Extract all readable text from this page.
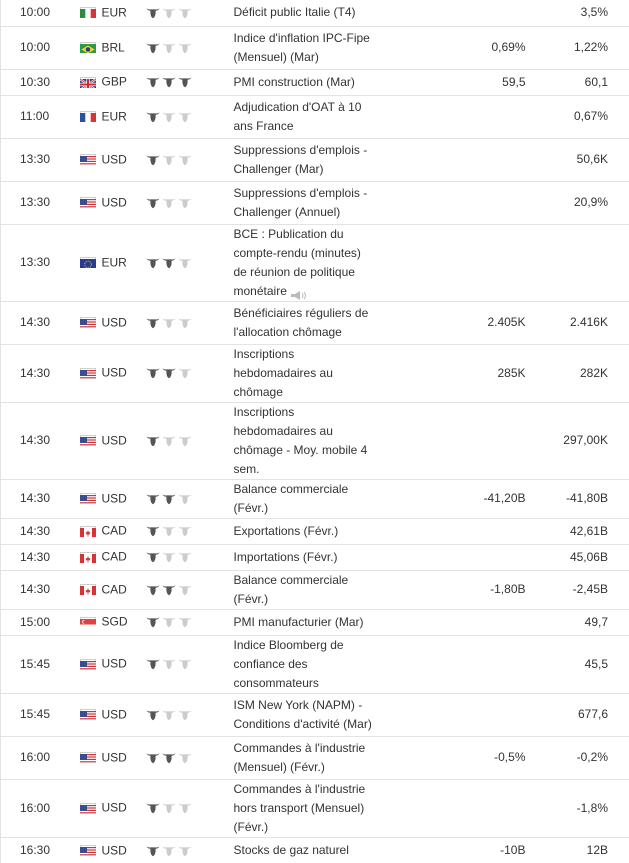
10:00	EUR		Déficit public Italie (T4)		3,5%
10:00	BRL		Indice d'inflation IPC-Fipe (Mensuel) (Mar)	0,69%	1,22%
10:30	GBP		PMI construction (Mar)	59,5	60,1
11:00	EUR		Adjudication d'OAT à 10 ans France		0,67%
13:30	USD		Suppressions d'emplois - Challenger (Mar)		50,6K
13:30	USD		Suppressions d'emplois - Challenger (Annuel)		20,9%
13:30	EUR		BCE : Publication du compte-rendu (minutes) de réunion de politique monétaire		
14:30	USD		Bénéficiaires réguliers de l'allocation chômage	2.405K	2.416K
14:30	USD		Inscriptions hebdomadaires au chômage	285K	282K
14:30	USD		Inscriptions hebdomadaires au chômage - Moy. mobile 4 sem.		297,00K
14:30	USD		Balance commerciale (Févr.)	-41,20B	-41,80B
14:30	CAD		Exportations (Févr.)		42,61B
14:30	CAD		Importations (Févr.)		45,06B
14:30	CAD		Balance commerciale (Févr.)	-1,80B	-2,45B
15:00	SGD		PMI manufacturier (Mar)		49,7
15:45	USD		Indice Bloomberg de confiance des consommateurs		45,5
15:45	USD		ISM New York (NAPM) - Conditions d'activité (Mar)		677,6
16:00	USD		Commandes à l'industrie (Mensuel) (Févr.)	-0,5%	-0,2%
16:00	USD		Commandes à l'industrie hors transport (Mensuel) (Févr.)		-1,8%
16:30	USD		Stocks de gaz naturel	-10B	12B
